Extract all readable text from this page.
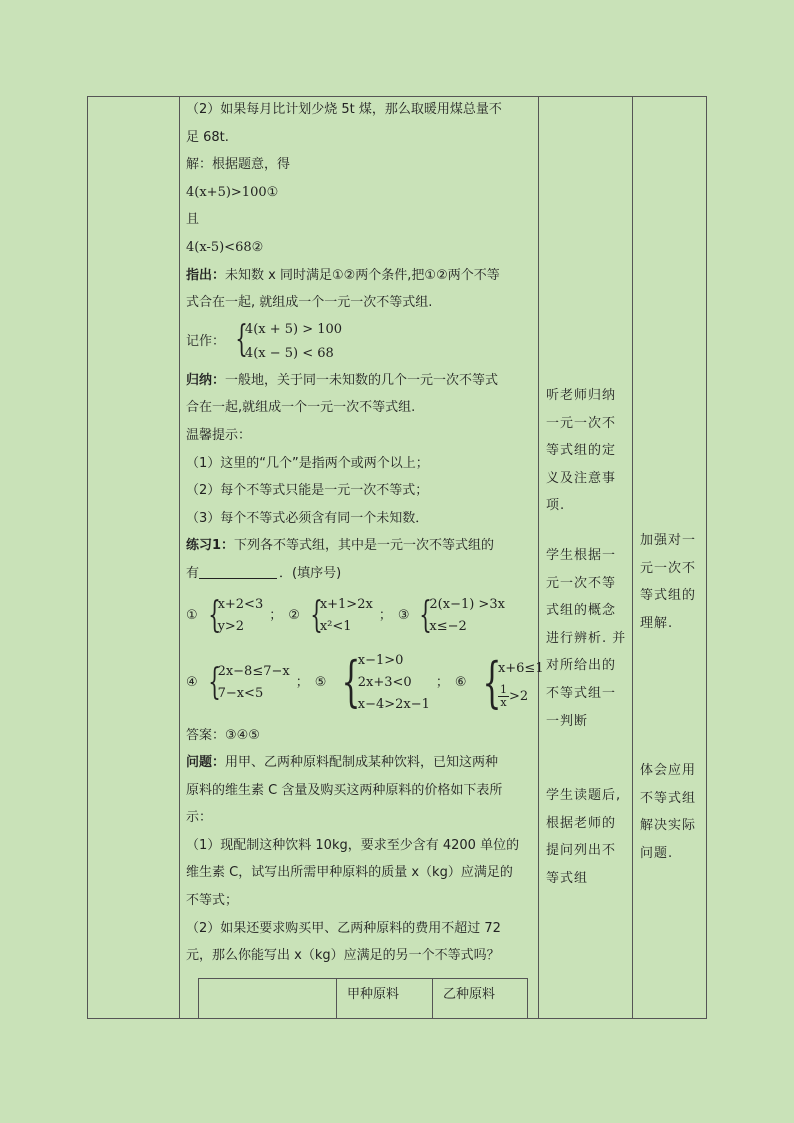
（2）如果每月比计划少烧 5t 煤，那么取暖用煤总量不
足 68t.
解：根据题意，得
4(x+5)>100①
且
4(x-5)<68②
指出：未知数 x 同时满足①②两个条件,把①②两个不等
式合在一起, 就组成一个一元一次不等式组.
记作： {
4(x + 5) > 100
4(x − 5) < 68
归纳：一般地，关于同一未知数的几个一元一次不等式
合在一起,就组成一个一元一次不等式组.
温馨提示：
（1）这里的“几个”是指两个或两个以上；
（2）每个不等式只能是一元一次不等式；
（3）每个不等式必须含有同一个未知数．
练习1：下列各不等式组，其中是一元一次不等式组的
有	．(填序号)
① {
x+2<3
y>2
； ② {
x+1>2x
x²<1
； ③ {
2(x−1) >3x
x≤−2
④ {
2x−8≤7−x
7−x<5
； ⑤ {
x−1>0
2x+3<0
x−4>2x−1
； ⑥ {
x+6≤1
$\frac{1}{x} >2$
答案：③④⑤
问题：用甲、乙两种原料配制成某种饮料，已知这两种
原料的维生素 C 含量及购买这两种原料的价格如下表所
示：
（1）现配制这种饮料 10kg，要求至少含有 4200 单位的
维生素 C，试写出所需甲种原料的质量 x（kg）应满足的
不等式；
（2）如果还要求购买甲、乙两种原料的费用不超过 72
元，那么你能写出 x（kg）应满足的另一个不等式吗？
甲种原料	乙种原料
听老师归纳
一元一次不
等式组的定
义及注意事
项.
学生根据一
元一次不等
式组的概念
进行辨析. 并
对所给出的
不等式组一
一判断
学生读题后,
根据老师的
提问列出不
等式组
加强对一
元一次不
等式组的
理解.
体会应用
不等式组
解决实际
问题.
